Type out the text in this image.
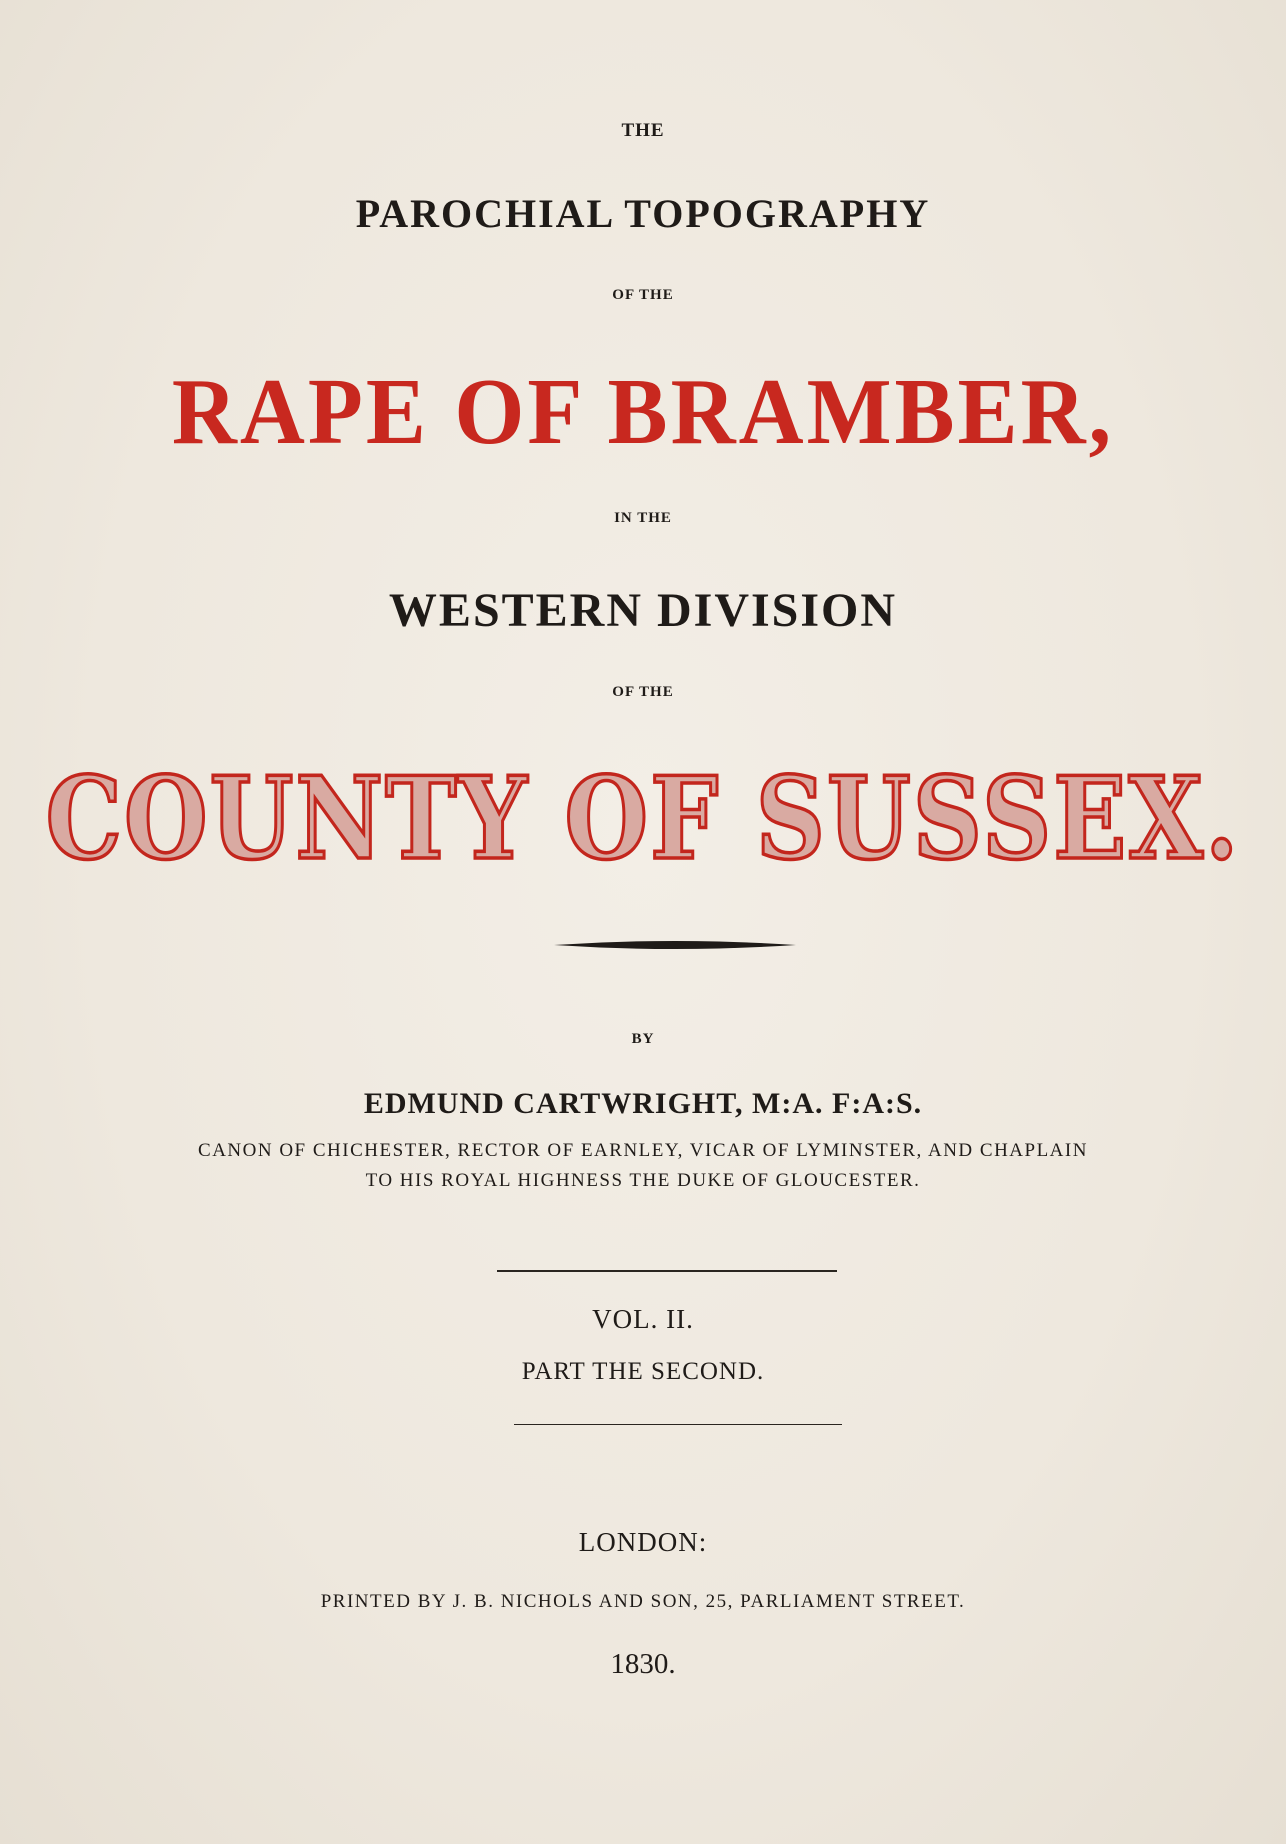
THE

PAROCHIAL TOPOGRAPHY

OF THE

RAPE OF BRAMBER,

IN THE

WESTERN DIVISION

OF THE

COUNTY OF SUSSEX.

BY

EDMUND CARTWRIGHT, M:A. F:A:S.

CANON OF CHICHESTER, RECTOR OF EARNLEY, VICAR OF LYMINSTER, AND CHAPLAIN

TO HIS ROYAL HIGHNESS THE DUKE OF GLOUCESTER.

VOL. II.

PART THE SECOND.

LONDON:

PRINTED BY J. B. NICHOLS AND SON, 25, PARLIAMENT STREET.

1830.
